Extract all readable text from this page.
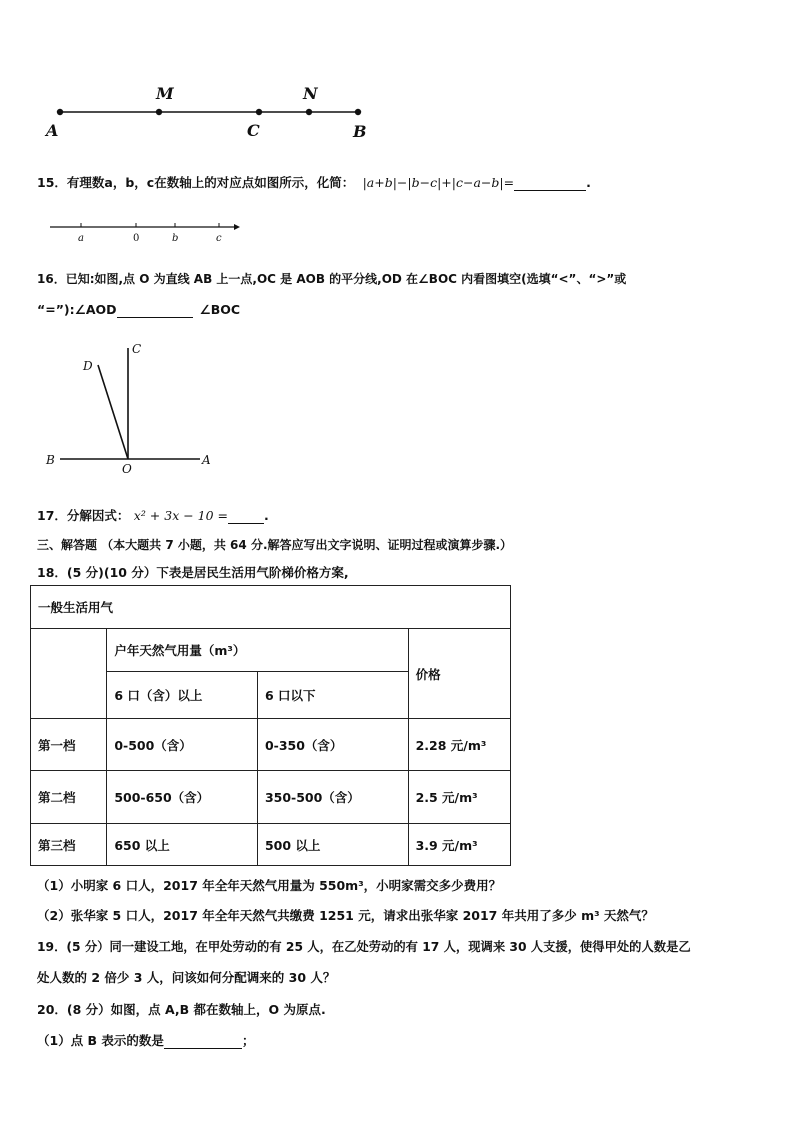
M	N
A	C	B
15．有理数a，b，c在数轴上的对应点如图所示，化简： |a+b|−|b−c|+|c−a−b|=	.
a	0	b	c
16．已知:如图,点 O 为直线 AB 上一点,OC 是 AOB 的平分线,OD 在∠BOC 内看图填空(选填“<”、“>”或
“=”):∠AOD	∠BOC
C
D
B
O
A
17．分解因式： x² + 3x − 10 =	.
三、解答题 （本大题共 7 小题，共 64 分.解答应写出文字说明、证明过程或演算步骤.）
18．(5 分)(10 分）下表是居民生活用气阶梯价格方案,
一般生活用气			
	户年天然气用量（m³）		价格
	6 口（含）以上	6 口以下	
第一档	0-500（含）	0-350（含）	2.28 元/m³
第二档	500-650（含）	350-500（含）	2.5 元/m³
第三档	650 以上	500 以上	3.9 元/m³
（1）小明家 6 口人，2017 年全年天然气用量为 550m³，小明家需交多少费用？
（2）张华家 5 口人，2017 年全年天然气共缴费 1251 元，请求出张华家 2017 年共用了多少 m³ 天然气？
19．(5 分）同一建设工地，在甲处劳动的有 25 人，在乙处劳动的有 17 人，现调来 30 人支援，使得甲处的人数是乙
处人数的 2 倍少 3 人，问该如何分配调来的 30 人？
20．(8 分）如图，点 A,B 都在数轴上，O 为原点.
（1）点 B 表示的数是	；
